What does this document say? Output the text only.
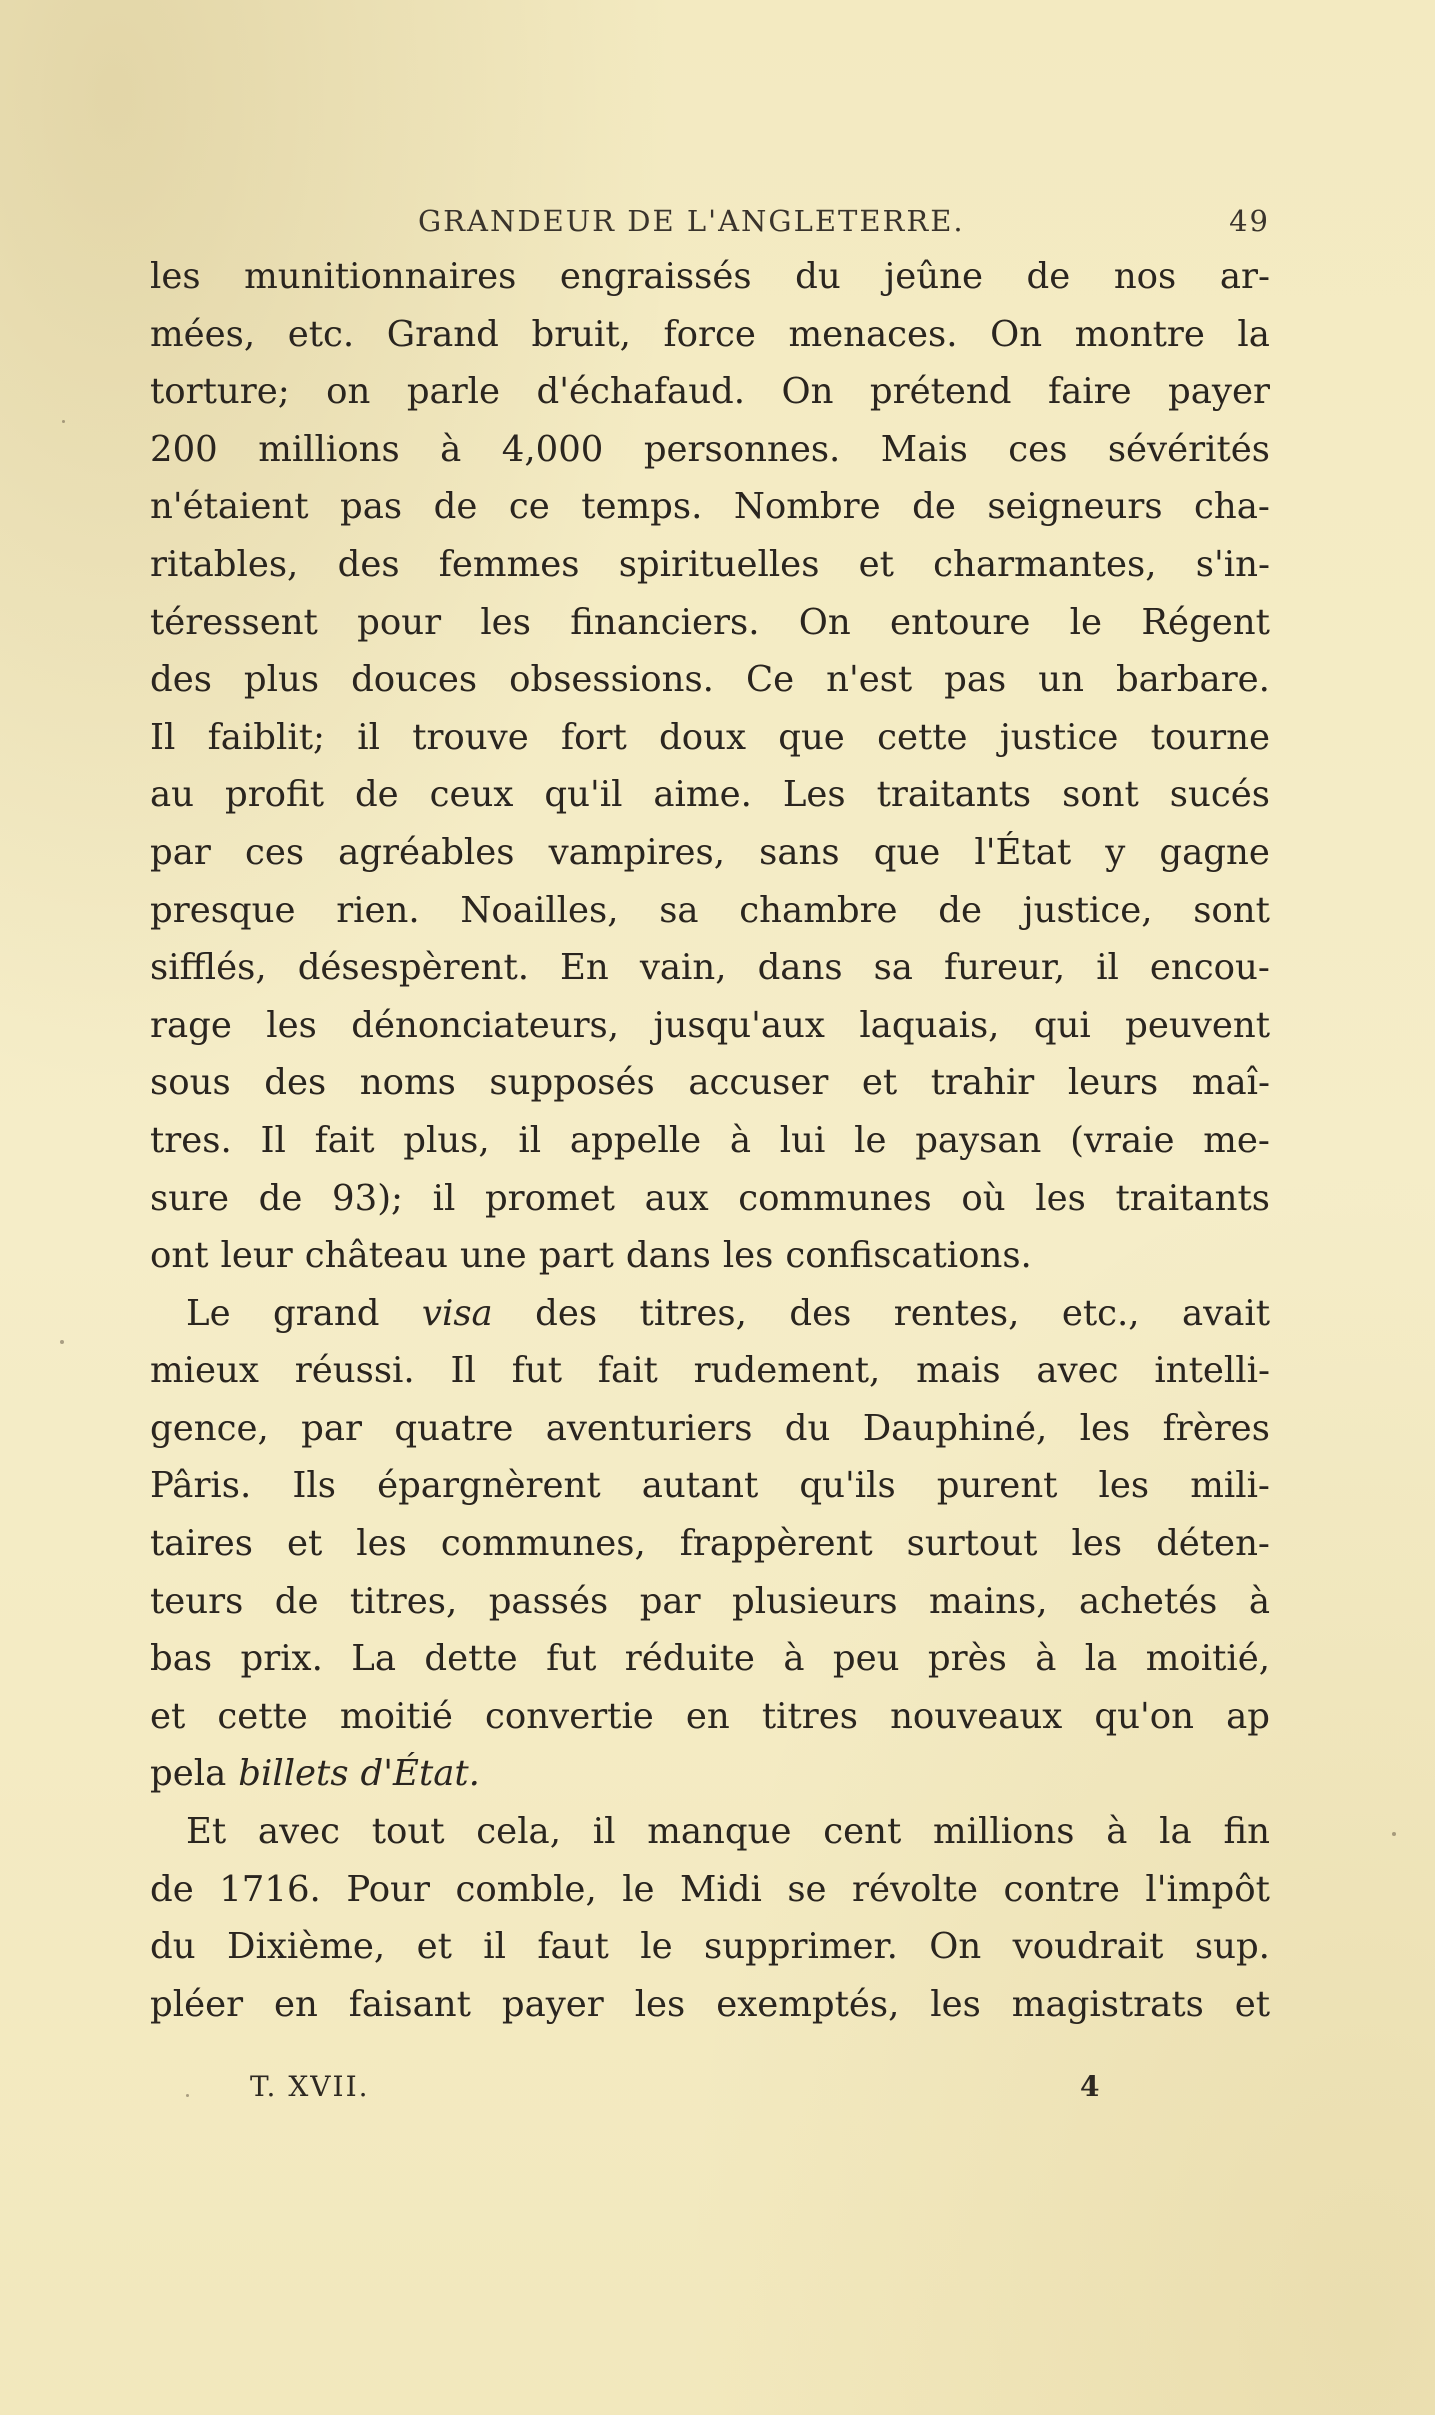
GRANDEUR DE L'ANGLETERRE.	49
les munitionnaires engraissés du jeûne de nos ar-
mées, etc. Grand bruit, force menaces. On montre la
torture; on parle d'échafaud. On prétend faire payer
200 millions à 4,000 personnes. Mais ces sévérités
n'étaient pas de ce temps. Nombre de seigneurs cha-
ritables, des femmes spirituelles et charmantes, s'in-
téressent pour les financiers. On entoure le Régent
des plus douces obsessions. Ce n'est pas un barbare.
Il faiblit; il trouve fort doux que cette justice tourne
au profit de ceux qu'il aime. Les traitants sont sucés
par ces agréables vampires, sans que l'État y gagne
presque rien. Noailles, sa chambre de justice, sont
sifflés, désespèrent. En vain, dans sa fureur, il encou-
rage les dénonciateurs, jusqu'aux laquais, qui peuvent
sous des noms supposés accuser et trahir leurs maî-
tres. Il fait plus, il appelle à lui le paysan (vraie me-
sure de 93); il promet aux communes où les traitants
ont leur château une part dans les confiscations.
Le grand visa des titres, des rentes, etc., avait
mieux réussi. Il fut fait rudement, mais avec intelli-
gence, par quatre aventuriers du Dauphiné, les frères
Pâris. Ils épargnèrent autant qu'ils purent les mili-
taires et les communes, frappèrent surtout les déten-
teurs de titres, passés par plusieurs mains, achetés à
bas prix. La dette fut réduite à peu près à la moitié,
et cette moitié convertie en titres nouveaux qu'on ap
pela billets d'État.
Et avec tout cela, il manque cent millions à la fin
de 1716. Pour comble, le Midi se révolte contre l'impôt
du Dixième, et il faut le supprimer. On voudrait sup.
pléer en faisant payer les exemptés, les magistrats et
T. XVII.	4
